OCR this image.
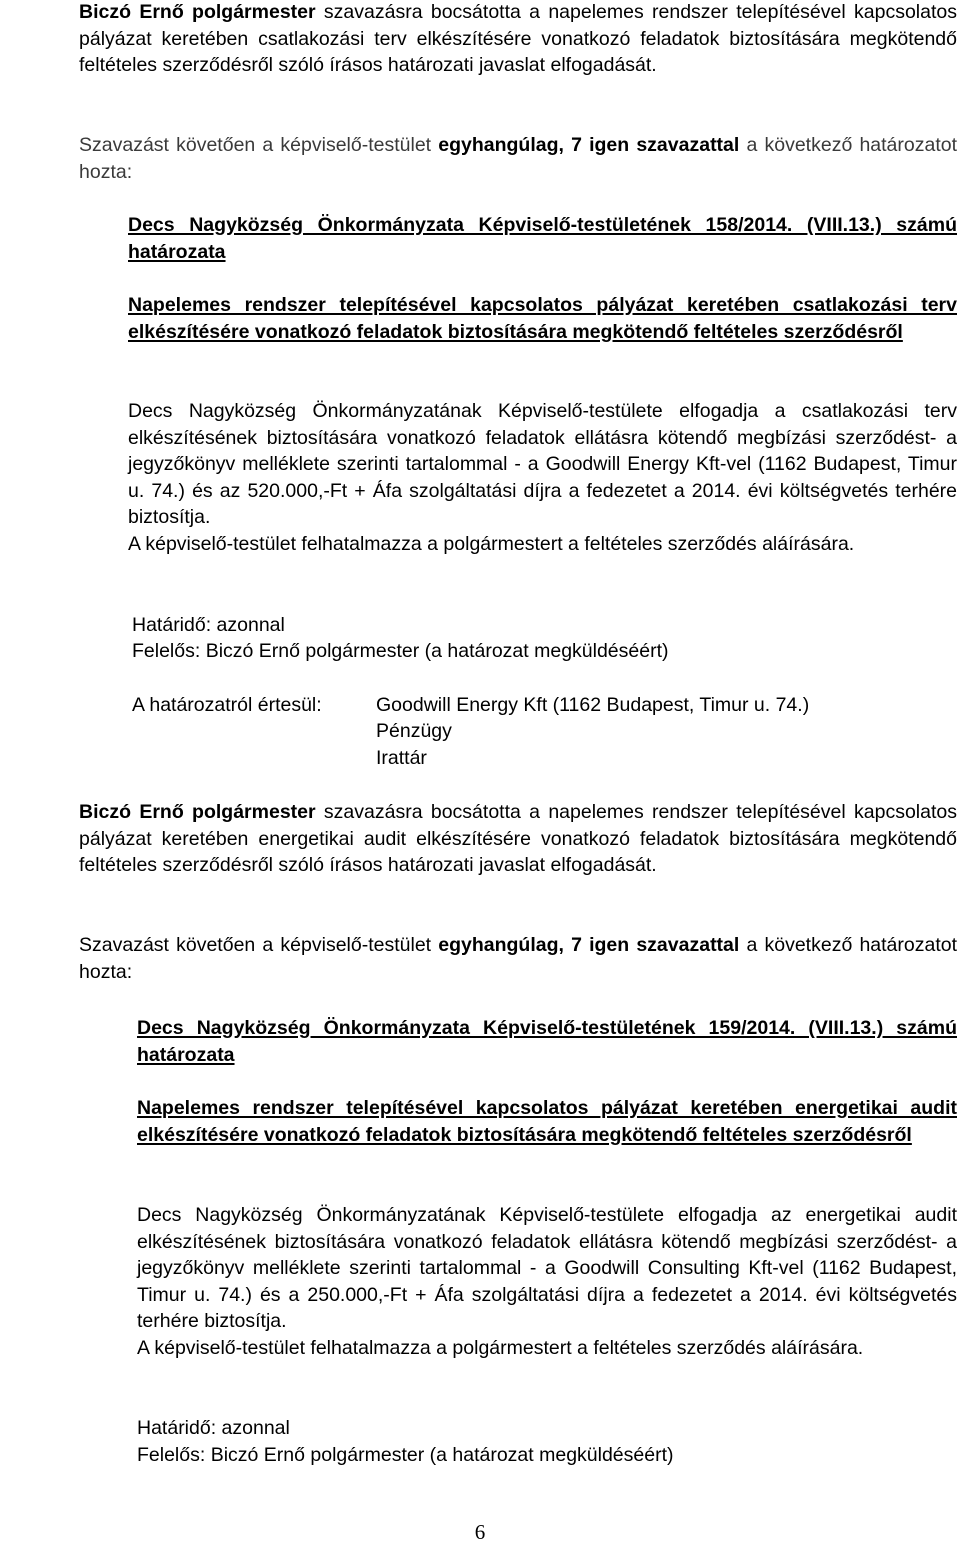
Biczó Ernő polgármester szavazásra bocsátotta a napelemes rendszer telepítésével kapcsolatos pályázat keretében csatlakozási terv elkészítésére vonatkozó feladatok biztosítására megkötendő feltételes szerződésről szóló írásos határozati javaslat elfogadását.
Szavazást követően a képviselő-testület egyhangúlag, 7 igen szavazattal a következő határozatot hozta:
Decs Nagyközség Önkormányzata Képviselő-testületének 158/2014. (VIII.13.) számú határozata
Napelemes rendszer telepítésével kapcsolatos pályázat keretében csatlakozási terv elkészítésére vonatkozó feladatok biztosítására megkötendő feltételes szerződésről
Decs Nagyközség Önkormányzatának Képviselő-testülete elfogadja a csatlakozási terv elkészítésének biztosítására vonatkozó feladatok ellátásra kötendő megbízási szerződést- a jegyzőkönyv melléklete szerinti tartalommal - a Goodwill Energy Kft-vel (1162 Budapest, Timur u. 74.) és az 520.000,-Ft + Áfa szolgáltatási díjra a fedezetet a 2014. évi költségvetés terhére biztosítja.
A képviselő-testület felhatalmazza a polgármestert a feltételes szerződés aláírására.
Határidő: azonnal
Felelős: Biczó Ernő polgármester (a határozat megküldéséért)
A határozatról értesül:	Goodwill Energy Kft (1162 Budapest, Timur u. 74.)
Pénzügy
Irattár
Biczó Ernő polgármester szavazásra bocsátotta a napelemes rendszer telepítésével kapcsolatos pályázat keretében energetikai audit elkészítésére vonatkozó feladatok biztosítására megkötendő feltételes szerződésről szóló írásos határozati javaslat elfogadását.
Szavazást követően a képviselő-testület egyhangúlag, 7 igen szavazattal a következő határozatot hozta:
Decs Nagyközség Önkormányzata Képviselő-testületének 159/2014. (VIII.13.) számú határozata
Napelemes rendszer telepítésével kapcsolatos pályázat keretében energetikai audit elkészítésére vonatkozó feladatok biztosítására megkötendő feltételes szerződésről
Decs Nagyközség Önkormányzatának Képviselő-testülete elfogadja az energetikai audit elkészítésének biztosítására vonatkozó feladatok ellátásra kötendő megbízási szerződést- a jegyzőkönyv melléklete szerinti tartalommal - a Goodwill Consulting Kft-vel (1162 Budapest, Timur u. 74.) és a 250.000,-Ft + Áfa szolgáltatási díjra a fedezetet a 2014. évi költségvetés terhére biztosítja.
A képviselő-testület felhatalmazza a polgármestert a feltételes szerződés aláírására.
Határidő: azonnal
Felelős: Biczó Ernő polgármester (a határozat megküldéséért)
6
